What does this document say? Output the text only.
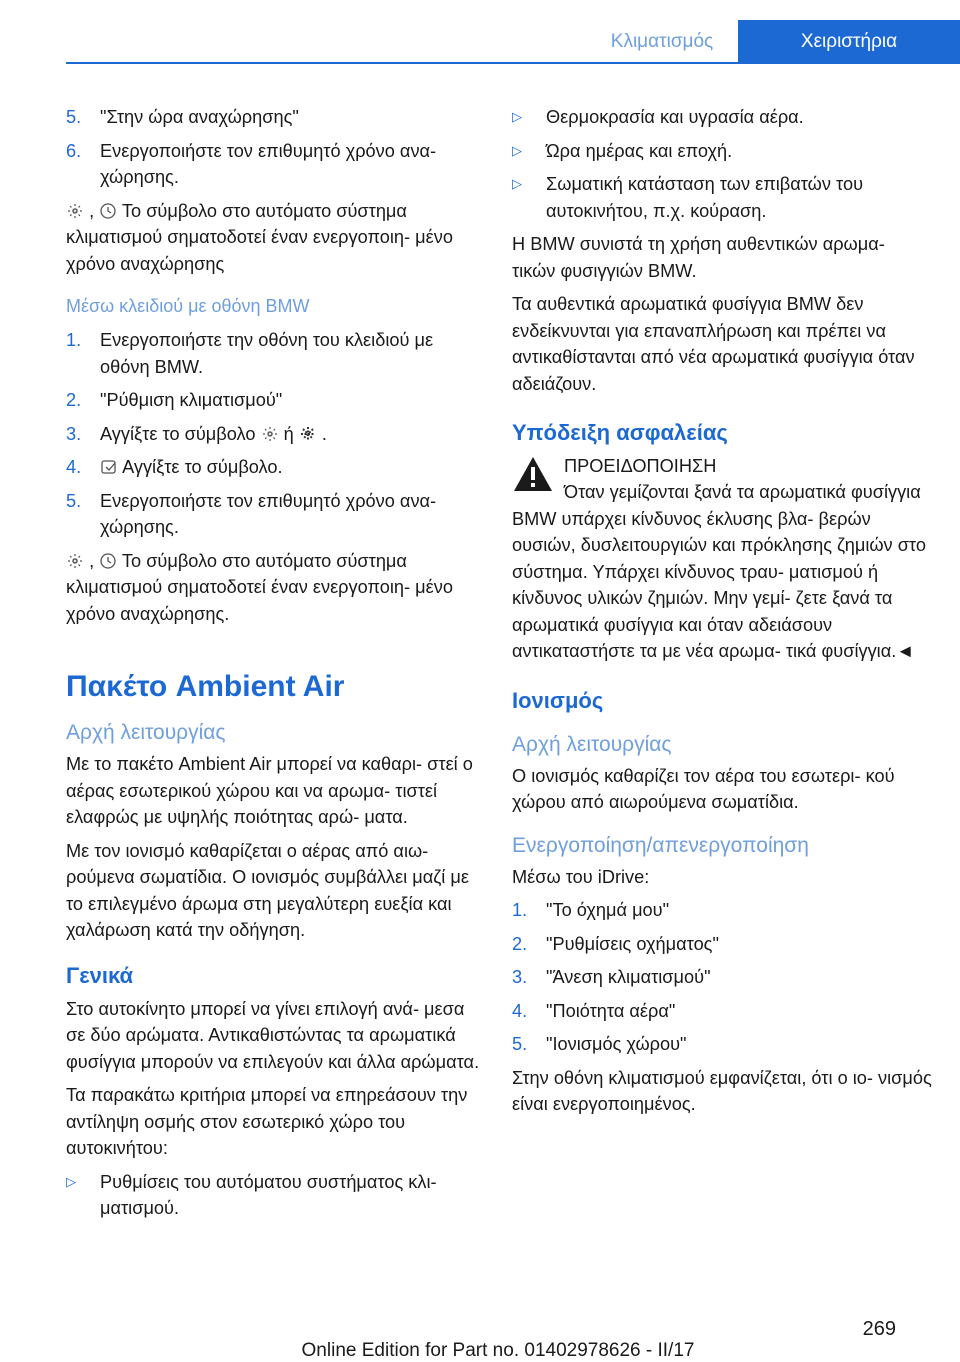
Κλιματισμός	Χειριστήρια
5.	"Στην ώρα αναχώρησης"
6.	Ενεργοποιήστε τον επιθυμητό χρόνο ανα‐ χώρησης.

, Το σύμβολο στο αυτόματο σύστημα κλιματισμού σηματοδοτεί έναν ενεργοποιη‐ μένο χρόνο αναχώρησης

Μέσω κλειδιού με οθόνη BMW
1.	Ενεργοποιήστε την οθόνη του κλειδιού με οθόνη BMW.
2.	"Ρύθμιση κλιματισμού"
3.	Αγγίξτε το σύμβολο ή .
4.	Αγγίξτε το σύμβολο.
5.	Ενεργοποιήστε τον επιθυμητό χρόνο ανα‐ χώρησης.

, Το σύμβολο στο αυτόματο σύστημα κλιματισμού σηματοδοτεί έναν ενεργοποιη‐ μένο χρόνο αναχώρησης.

Πακέτο Ambient Air
Αρχή λειτουργίας

Με το πακέτο Ambient Air μπορεί να καθαρι‐ στεί ο αέρας εσωτερικού χώρου και να αρωμα‐ τιστεί ελαφρώς με υψηλής ποιότητας αρώ‐ ματα.

Με τον ιονισμό καθαρίζεται ο αέρας από αιω‐ ρούμενα σωματίδια. Ο ιονισμός συμβάλλει μαζί με το επιλεγμένο άρωμα στη μεγαλύτερη ευεξία και χαλάρωση κατά την οδήγηση.

Γενικά

Στο αυτοκίνητο μπορεί να γίνει επιλογή ανά‐ μεσα σε δύο αρώματα. Αντικαθιστώντας τα αρωματικά φυσίγγια μπορούν να επιλεγούν και άλλα αρώματα.

Τα παρακάτω κριτήρια μπορεί να επηρεάσουν την αντίληψη οσμής στον εσωτερικό χώρο του αυτοκινήτου:

▷	Ρυθμίσεις του αυτόματου συστήματος κλι‐ ματισμού.
▷	Θερμοκρασία και υγρασία αέρα.
▷	Ώρα ημέρας και εποχή.
▷	Σωματική κατάσταση των επιβατών του αυτοκινήτου, π.χ. κούραση.

Η BMW συνιστά τη χρήση αυθεντικών αρωμα‐ τικών φυσιγγιών BMW.

Τα αυθεντικά αρωματικά φυσίγγια BMW δεν ενδείκνυνται για επαναπλήρωση και πρέπει να αντικαθίστανται από νέα αρωματικά φυσίγγια όταν αδειάζουν.

Υπόδειξη ασφαλείας
ΠΡΟΕΙΔΟΠΟΙΗΣΗ

Όταν γεμίζονται ξανά τα αρωματικά φυσίγγια BMW υπάρχει κίνδυνος έκλυσης βλα‐ βερών ουσιών, δυσλειτουργιών και πρόκλησης ζημιών στο σύστημα. Υπάρχει κίνδυνος τραυ‐ ματισμού ή κίνδυνος υλικών ζημιών. Μην γεμί‐ ζετε ξανά τα αρωματικά φυσίγγια και όταν αδειάσουν αντικαταστήστε τα με νέα αρωμα‐ τικά φυσίγγια.◄

Ιονισμός
Αρχή λειτουργίας

Ο ιονισμός καθαρίζει τον αέρα του εσωτερι‐ κού χώρου από αιωρούμενα σωματίδια.

Ενεργοποίηση/απενεργοποίηση

Μέσω του iDrive:

1.	"Το όχημά μου"
2.	"Ρυθμίσεις οχήματος"
3.	"Άνεση κλιματισμού"
4.	"Ποιότητα αέρα"
5.	"Ιονισμός χώρου"

Στην οθόνη κλιματισμού εμφανίζεται, ότι ο ιο‐ νισμός είναι ενεργοποιημένος.

269
Online Edition for Part no. 01402978626 - II/17
